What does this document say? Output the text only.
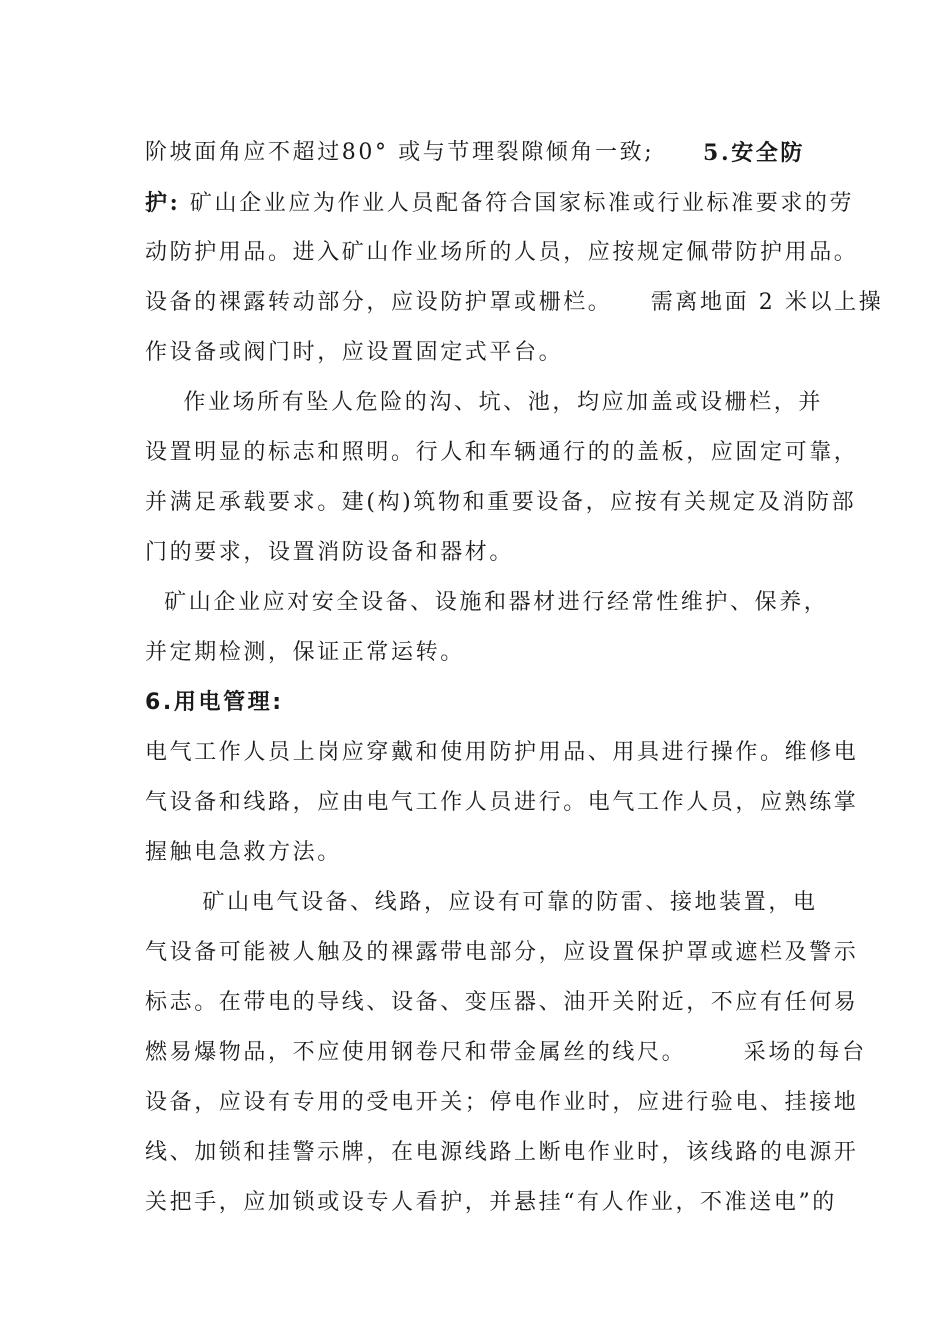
阶坡面角应不超过80° 或与节理裂隙倾角一致; 5.安全防
护: 矿山企业应为作业人员配备符合国家标准或行业标准要求的劳
动防护用品。进入矿山作业场所的人员，应按规定佩带防护用品。
设备的裸露转动部分，应设防护罩或栅栏。    需离地面 2 米以上操
作设备或阀门时，应设置固定式平台。
作业场所有坠人危险的沟、坑、池，均应加盖或设栅栏，并
设置明显的标志和照明。行人和车辆通行的的盖板，应固定可靠，
并满足承载要求。建(构)筑物和重要设备，应按有关规定及消防部
门的要求，设置消防设备和器材。
矿山企业应对安全设备、设施和器材进行经常性维护、保养，
并定期检测，保证正常运转。
6.用电管理:
电气工作人员上岗应穿戴和使用防护用品、用具进行操作。维修电
气设备和线路，应由电气工作人员进行。电气工作人员，应熟练掌
握触电急救方法。
矿山电气设备、线路，应设有可靠的防雷、接地装置，电
气设备可能被人触及的裸露带电部分，应设置保护罩或遮栏及警示
标志。在带电的导线、设备、变压器、油开关附近，不应有任何易
燃易爆物品，不应使用钢卷尺和带金属丝的线尺。      采场的每台
设备，应设有专用的受电开关；停电作业时，应进行验电、挂接地
线、加锁和挂警示牌，在电源线路上断电作业时，该线路的电源开
关把手，应加锁或设专人看护，并悬挂“有人作业，不准送电”的
